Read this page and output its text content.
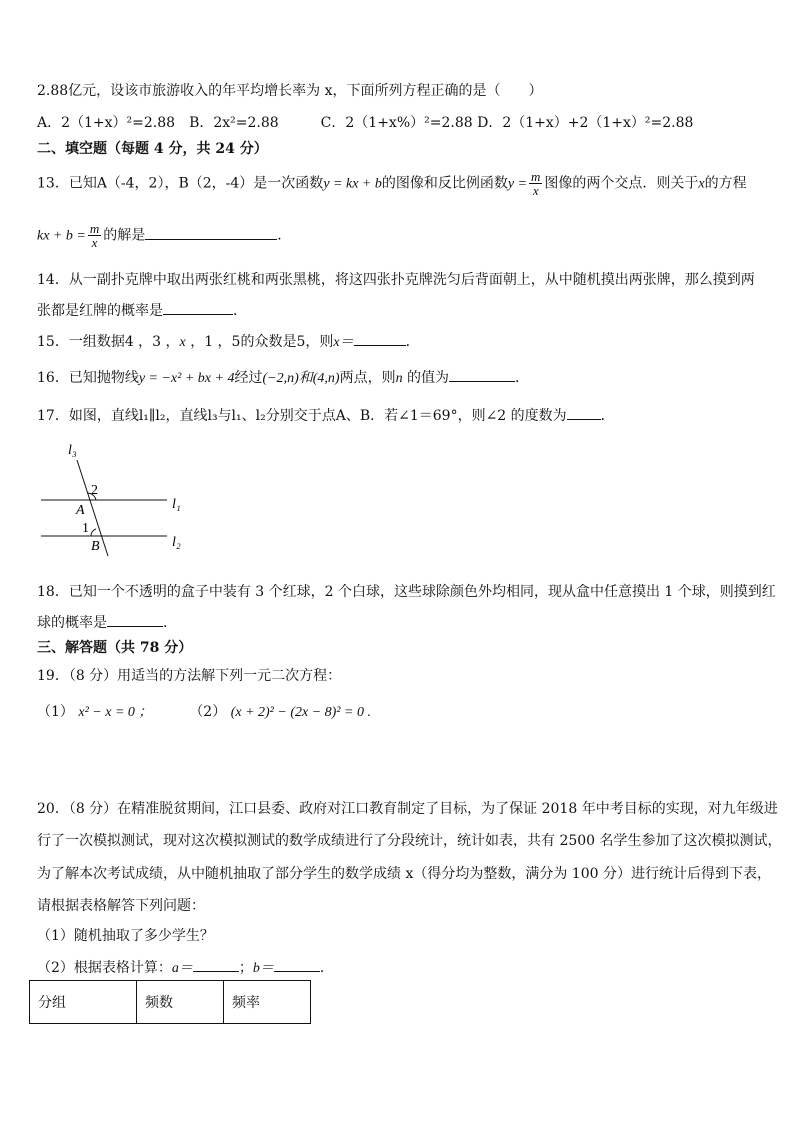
2.88亿元，设该市旅游收入的年平均增长率为 x，下面所列方程正确的是（　　）
A．2（1+x）²=2.88　B．2x²=2.88　　　C．2（1+x%）²=2.88 D．2（1+x）+2（1+x）²=2.88
二、填空题（每题 4 分，共 24 分）
13．已知A（-4，2），B（2，-4）是一次函数y = kx + b的图像和反比例函数$y = \frac{m}{x}$ 图像的两个交点．则关于x的方程
kx + $b = \frac{m}{x}$ 的解是	．
14．从一副扑克牌中取出两张红桃和两张黑桃，将这四张扑克牌洗匀后背面朝上，从中随机摸出两张牌，那么摸到两
张都是红牌的概率是	．
15．一组数据4 ，3 ，x ，1 ，5的众数是5，则x＝	．
16．已知抛物线y = −x² + bx + 4经过(−2,n)和(4,n)两点，则n 的值为	．
17．如图，直线l₁∥l₂，直线l₃与l₁、l₂分别交于点A、B．若∠1＝69°，则∠2 的度数为 ．
l₃
l₁
l₂
A
B
1
2
18．已知一个不透明的盒子中装有 3 个红球，2 个白球，这些球除颜色外均相同，现从盒中任意摸出 1 个球，则摸到红
球的概率是	．
三、解答题（共 78 分）
19．（8 分）用适当的方法解下列一元二次方程：
（1） x² − x = 0 ；	（2） (x + 2)² − (2x − 8)² = 0 .
20．（8 分）在精准脱贫期间，江口县委、政府对江口教育制定了目标，为了保证 2018 年中考目标的实现，对九年级进
行了一次模拟测试，现对这次模拟测试的数学成绩进行了分段统计，统计如表，共有 2500 名学生参加了这次模拟测试，
为了解本次考试成绩，从中随机抽取了部分学生的数学成绩 x（得分均为整数，满分为 100 分）进行统计后得到下表，
请根据表格解答下列问题：
（1）随机抽取了多少学生？
（2）根据表格计算：a＝	；b＝	．
分组	频数	频率
